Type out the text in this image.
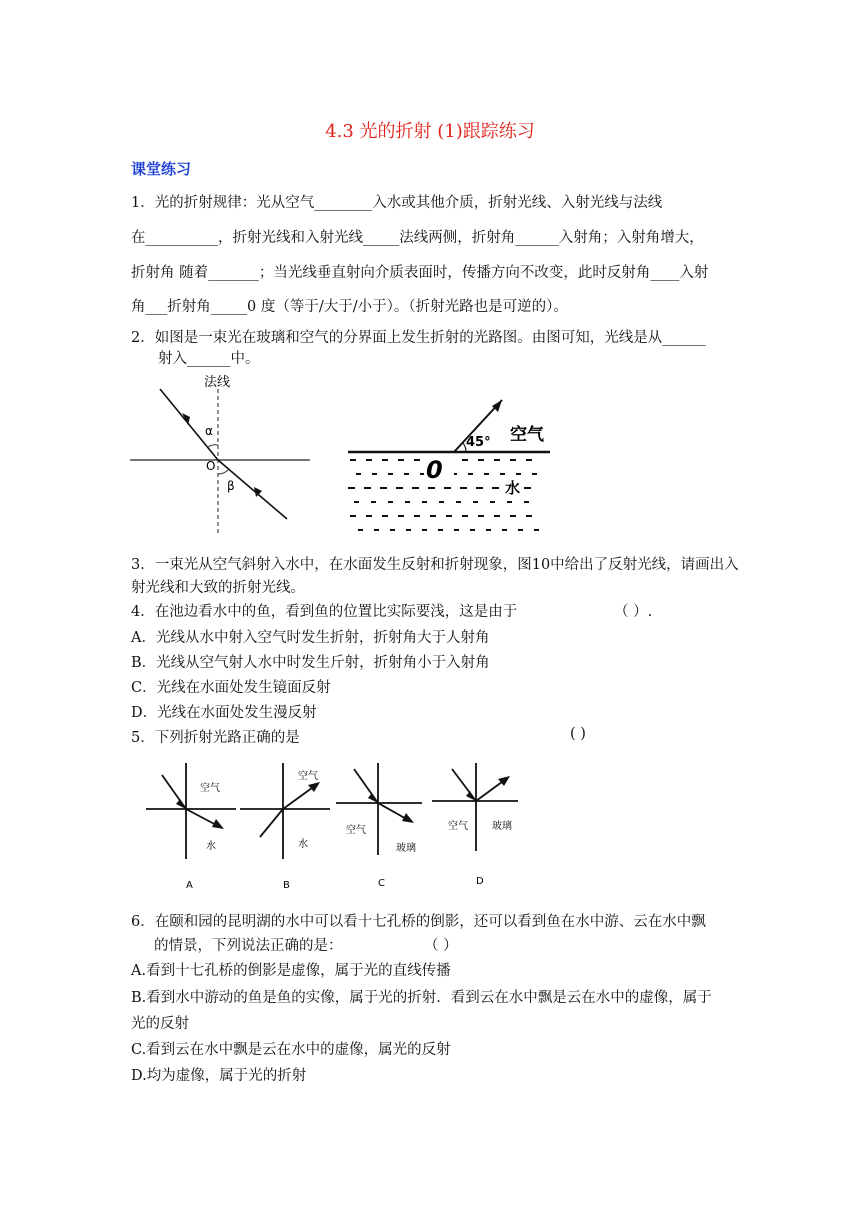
4.3 光的折射 (1)跟踪练习
课堂练习
1．光的折射规律：光从空气________入水或其他介质，折射光线、入射光线与法线
在__________，折射光线和入射光线_____法线两侧，折射角______入射角；入射角增大，
折射角 随着_______；当光线垂直射向介质表面时，传播方向不改变，此时反射角____入射
角___折射角_____0 度（等于/大于/小于）。（折射光路也是可逆的）。
2．如图是一束光在玻璃和空气的分界面上发生折射的光路图。由图可知，光线是从______
射入______中。
法线
α
O
β
45° 空气
0
水
3．一束光从空气斜射入水中，在水面发生反射和折射现象，图10中给出了反射光线，请画出入
射光线和大致的折射光线。
4．在池边看水中的鱼，看到鱼的位置比实际要浅，这是由于	（ ）.
A．光线从水中射入空气时发生折射，折射角大于人射角
B．光线从空气射人水中时发生斤射，折射角小于入射角
C．光线在水面处发生镜面反射
D．光线在水面处发生漫反射
5．下列折射光路正确的是	( )
空气
水
A
空气
水
B
空气
玻璃
C
空气 玻璃
D
6．在颐和园的昆明湖的水中可以看十七孔桥的倒影，还可以看到鱼在水中游、云在水中飘
的情景，下列说法正确的是：	（ ）
A.看到十七孔桥的倒影是虚像，属于光的直线传播
B.看到水中游动的鱼是鱼的实像，属于光的折射．看到云在水中飘是云在水中的虚像，属于
光的反射
C.看到云在水中飘是云在水中的虚像，属光的反射
D.均为虚像，属于光的折射
